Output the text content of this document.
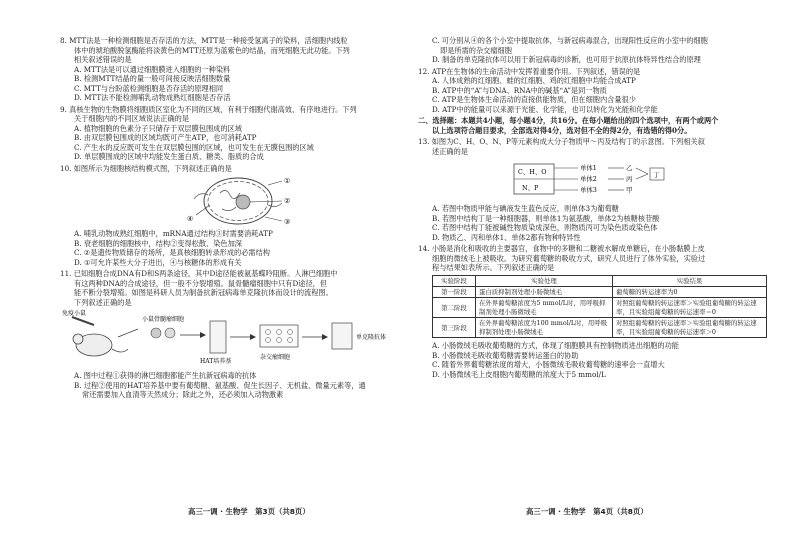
8. MTT法是一种检测细胞是否存活的方法，MTT是一种接受氢离子的染料，活细胞内线粒

体中的琥珀酸脱氢酶能将淡黄色的MTT还原为蓝紫色的结晶，而死细胞无此功能。下列

相关叙述错误的是

A. MTT法是可以通过细胞膜进入细胞的一种染料

B. 检测MTT结晶的量一般可间接反映活细胞数量

C. MTT与台盼蓝检测细胞是否存活的原理相同

D. MTT法不能检测哺乳动物成熟红细胞是否存活

9. 真核生物的生物膜将细胞质区室化为不同的区域，有利于细胞代谢高效、有序地进行。下列

关于细胞内的不同区域说法正确的是

A. 植物细胞的色素分子只储存于双层膜包围成的区域

B. 由双层膜包围成的区域均既可产生ATP，也可消耗ATP

C. 产生水的反应既可发生在双层膜包围的区域，也可发生在无膜包围的区域

D. 单层膜围成的区域中均能发生蛋白质、糖类、脂质的合成

10. 如图所示为细胞核结构模式图，下列叙述正确的是

①
②
③
④

A. 哺乳动物成熟红细胞中，mRNA通过结构③时需要消耗ATP

B. 衰老细胞的细胞核中，结构②变得松散、染色加深

C. ②是遗传物质储存的场所，是真核细胞转录形成的必需结构

D. ①可允许某些大分子进出，④与核糖体的形成有关

11. 已知细胞合成DNA有D和S两条途径，其中D途径能被氨基蝶呤阻断。人淋巴细胞中

有这两种DNA的合成途径，但一般不分裂增殖。鼠骨髓瘤细胞中只有D途径，但

能不断分裂增殖。如图是科研人员为制备抗新冠病毒单克隆抗体而设计的流程图。

下列叙述正确的是

免疫小鼠
小鼠骨髓瘤细胞
HAT培养基
杂交瘤细胞
单克隆抗体

A. 图中过程①获得的淋巴细胞都能产生抗新冠病毒的抗体

B. 过程②使用的HAT培养基中要有葡萄糖、氨基酸、促生长因子、无机盐、微量元素等，通

常还需要加入血清等天然成分；除此之外，还必须加入动物激素

高三一调 · 生物学　第3页（共8页）

C. 可分别从④的各个小室中提取抗体，与新冠病毒混合，出现阳性反应的小室中的细胞

即是所需的杂交瘤细胞

D. 制备的单克隆抗体可以用于新冠病毒的诊断，也可用于抗原抗体特异性结合的原理

12. ATP在生物体的生命活动中发挥着重要作用。下列叙述，错误的是

A. 人体成熟的红细胞、蛙的红细胞、鸡的红细胞中均能合成ATP

B. ATP中的“A”与DNA、RNA中的碱基“A”是同一物质

C. ATP是生物体生命活动的直接供能物质，但在细胞内含量很少

D. ATP中的能量可以来源于光能、化学能，也可以转化为光能和化学能

二、选择题：本题共4小题，每小题4分，共16分。在每小题给出的四个选项中，有两个或两个

以上选项符合题目要求，全部选对得4分，选对但不全的得2分，有选错的得0分。

13. 如图为C、H、O、N、P等元素构成大分子物质甲～丙及结构丁的示意图。下列相关叙

述正确的是

C、H、O
N、P
单体1
单体2
单体3
乙
丙
甲
丁

A. 若图中物质甲能与碘液发生蓝色反应，则单体3为葡萄糖

B. 若图中结构丁是一种细胞器，则单体1为氨基酸，单体2为核糖核苷酸

C. 若图中结构丁能被碱性物质染成深色，则物质丙可为染色质或染色体

D. 物质乙、丙和单体1、单体2都有物种特异性

14. 小肠是消化和吸收的主要器官，食物中的多糖和二糖被水解成单糖后，在小肠黏膜上皮

细胞的微绒毛上被吸收。为研究葡萄糖的吸收方式，研究人员进行了体外实验，实验过

程与结果如表所示。下列叙述正确的是

实验阶段	实验处理	实验结果
第一阶段	蛋白质抑制剂处理小肠微绒毛	葡萄糖的转运速率为0
第二阶段	在外界葡萄糖浓度为5 mmol/L时，用呼吸抑制剂处理小肠微绒毛	对照组葡萄糖的转运速率＞实验组葡萄糖的转运速率，且实验组葡萄糖的转运速率＝0
第三阶段	在外界葡萄糖浓度为100 mmol/L时，用呼吸抑制剂处理小肠微绒毛	对照组葡萄糖的转运速率＞实验组葡萄糖的转运速率，且实验组葡萄糖的转运速率＞0

A. 小肠微绒毛吸收葡萄糖的方式，体现了细胞膜具有控制物质进出细胞的功能

B. 小肠微绒毛吸收葡萄糖需要转运蛋白的协助

C. 随着外界葡萄糖浓度的增大，小肠微绒毛吸收葡萄糖的速率会一直增大

D. 小肠微绒毛上皮细胞内葡萄糖的浓度大于5 mmol/L

高三一调 · 生物学　第4页（共8页）
